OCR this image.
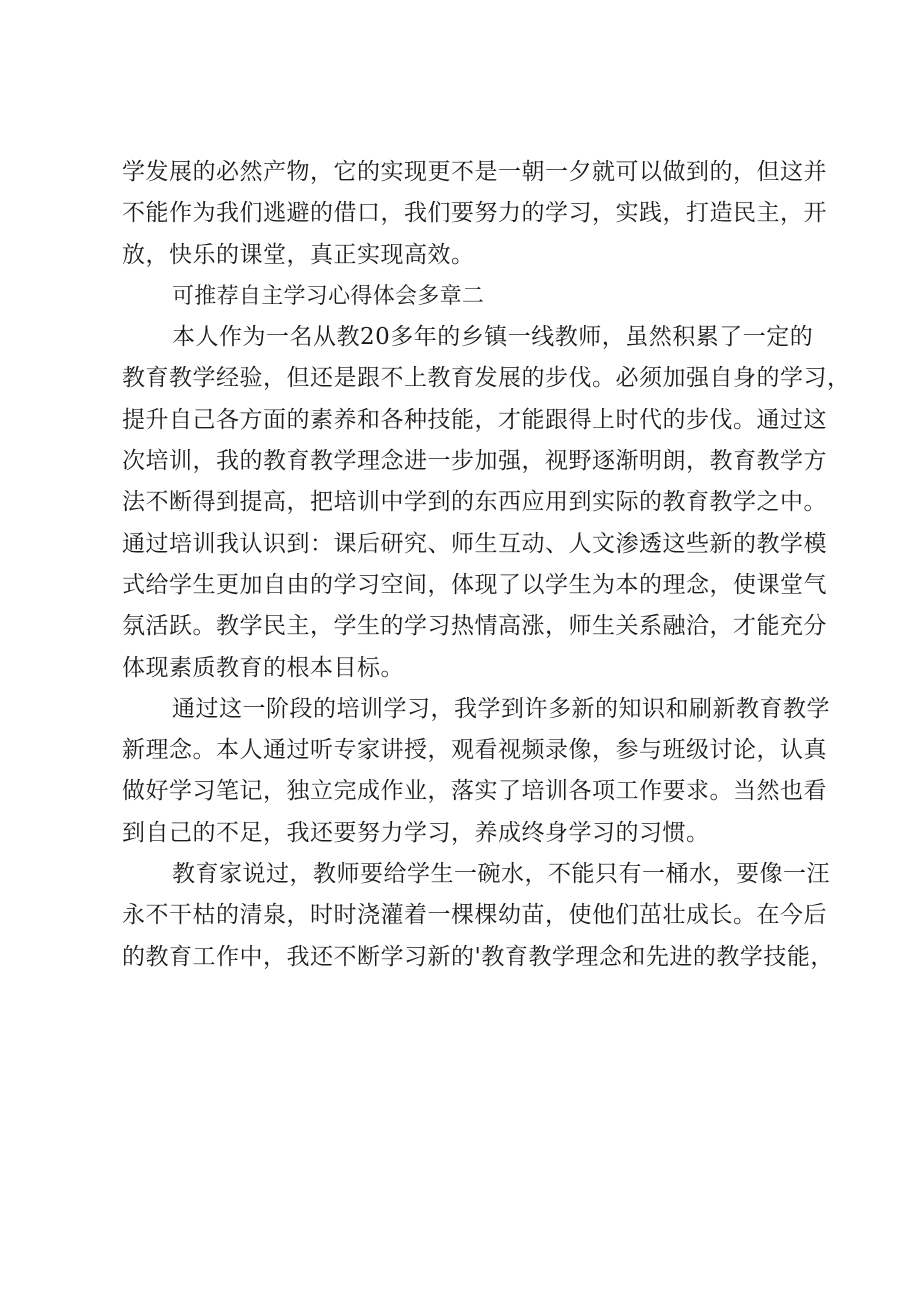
学发展的必然产物，它的实现更不是一朝一夕就可以做到的，但这并
不能作为我们逃避的借口，我们要努力的学习，实践，打造民主，开
放，快乐的课堂，真正实现高效。
可推荐自主学习心得体会多章二
本人作为一名从教20多年的乡镇一线教师，虽然积累了一定的
教育教学经验，但还是跟不上教育发展的步伐。必须加强自身的学习，
提升自己各方面的素养和各种技能，才能跟得上时代的步伐。通过这
次培训，我的教育教学理念进一步加强，视野逐渐明朗，教育教学方
法不断得到提高，把培训中学到的东西应用到实际的教育教学之中。
通过培训我认识到：课后研究、师生互动、人文渗透这些新的教学模
式给学生更加自由的学习空间，体现了以学生为本的理念，使课堂气
氛活跃。教学民主，学生的学习热情高涨，师生关系融洽，才能充分
体现素质教育的根本目标。
通过这一阶段的培训学习，我学到许多新的知识和刷新教育教学
新理念。本人通过听专家讲授，观看视频录像，参与班级讨论，认真
做好学习笔记，独立完成作业，落实了培训各项工作要求。当然也看
到自己的不足，我还要努力学习，养成终身学习的习惯。
教育家说过，教师要给学生一碗水，不能只有一桶水，要像一汪
永不干枯的清泉，时时浇灌着一棵棵幼苗，使他们茁壮成长。在今后
的教育工作中，我还不断学习新的'教育教学理念和先进的教学技能，
